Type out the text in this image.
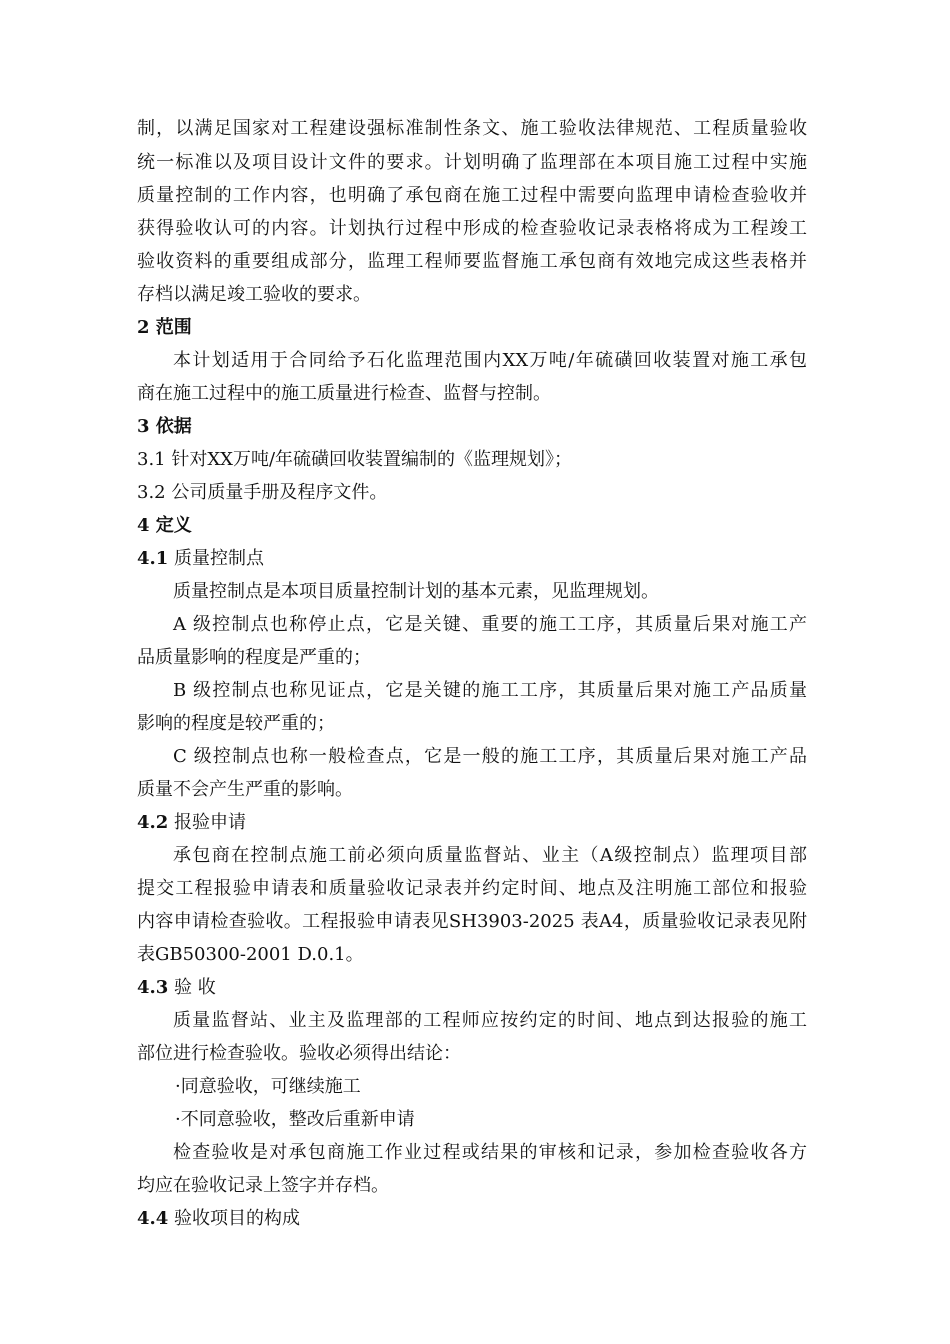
制，以满足国家对工程建设强标准制性条文、施工验收法律规范、工程质量验收
统一标准以及项目设计文件的要求。计划明确了监理部在本项目施工过程中实施
质量控制的工作内容，也明确了承包商在施工过程中需要向监理申请检查验收并
获得验收认可的内容。计划执行过程中形成的检查验收记录表格将成为工程竣工
验收资料的重要组成部分，监理工程师要监督施工承包商有效地完成这些表格并
存档以满足竣工验收的要求。
2 范围
本计划适用于合同给予石化监理范围内XX万吨/年硫磺回收装置对施工承包
商在施工过程中的施工质量进行检查、监督与控制。
3 依据
3.1 针对XX万吨/年硫磺回收装置编制的《监理规划》；
3.2 公司质量手册及程序文件。
4 定义
4.1 质量控制点
质量控制点是本项目质量控制计划的基本元素，见监理规划。
A 级控制点也称停止点，它是关键、重要的施工工序，其质量后果对施工产
品质量影响的程度是严重的；
B 级控制点也称见证点，它是关键的施工工序，其质量后果对施工产品质量
影响的程度是较严重的；
C 级控制点也称一般检查点，它是一般的施工工序，其质量后果对施工产品
质量不会产生严重的影响。
4.2 报验申请
承包商在控制点施工前必须向质量监督站、业主（A级控制点）监理项目部
提交工程报验申请表和质量验收记录表并约定时间、地点及注明施工部位和报验
内容申请检查验收。工程报验申请表见SH3903-2025 表A4，质量验收记录表见附
表GB50300-2001 D.0.1。
4.3 验 收
质量监督站、业主及监理部的工程师应按约定的时间、地点到达报验的施工
部位进行检查验收。验收必须得出结论：
·同意验收，可继续施工
·不同意验收，整改后重新申请
检查验收是对承包商施工作业过程或结果的审核和记录，参加检查验收各方
均应在验收记录上签字并存档。
4.4 验收项目的构成
